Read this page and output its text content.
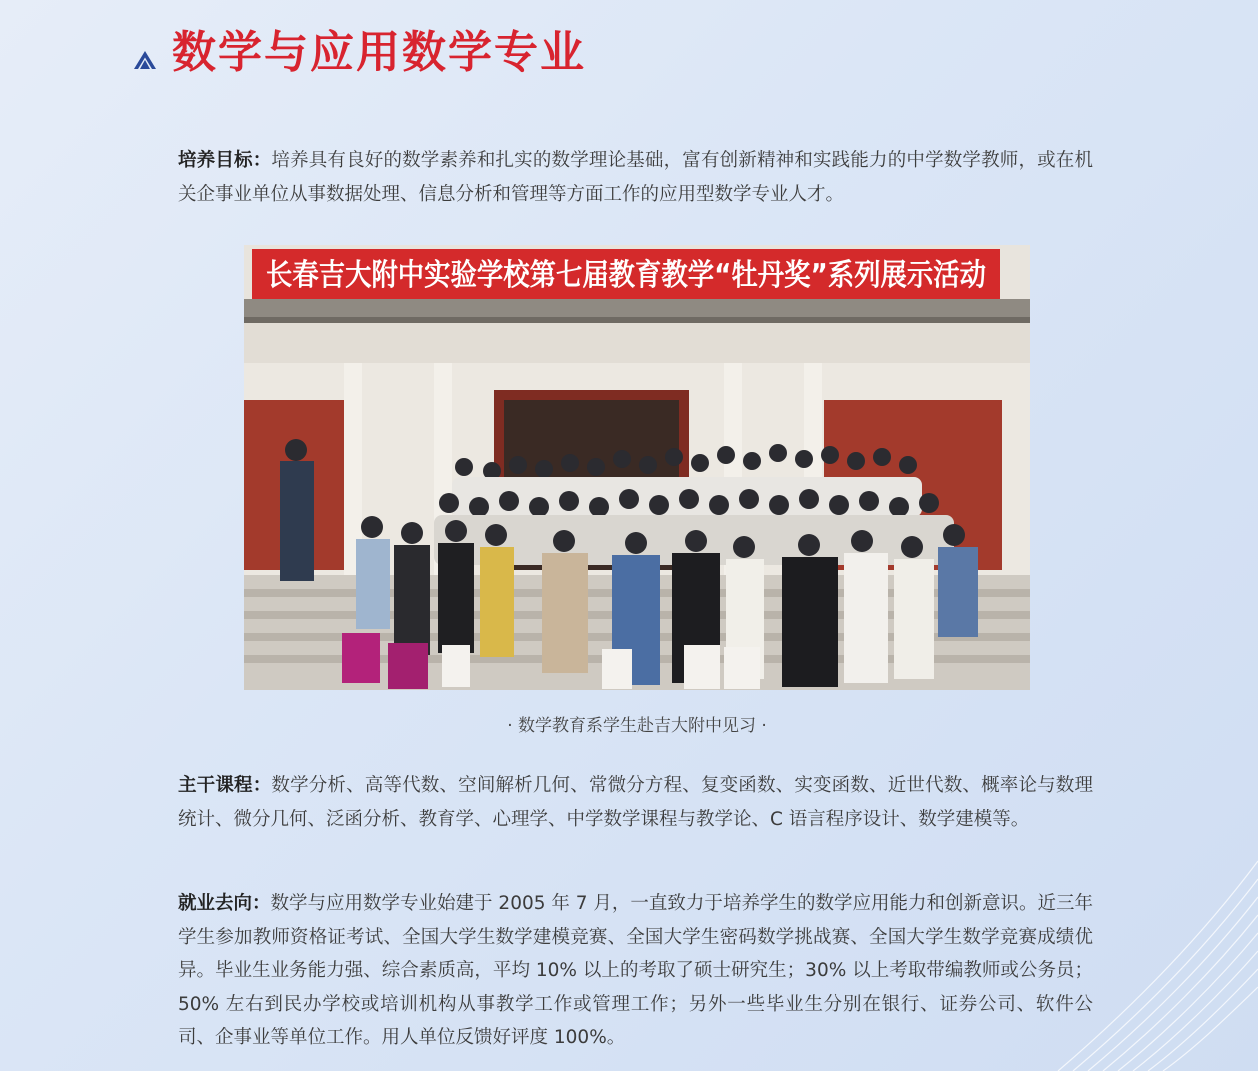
数学与应用数学专业

培养目标：培养具有良好的数学素养和扎实的数学理论基础，富有创新精神和实践能力的中学数学教师，或在机关企事业单位从事数据处理、信息分析和管理等方面工作的应用型数学专业人才。

长春吉大附中实验学校第七届教育教学“牡丹奖”系列展示活动
· 数学教育系学生赴吉大附中见习 ·

主干课程：数学分析、高等代数、空间解析几何、常微分方程、复变函数、实变函数、近世代数、概率论与数理统计、微分几何、泛函分析、教育学、心理学、中学数学课程与教学论、C 语言程序设计、数学建模等。

就业去向：数学与应用数学专业始建于 2005 年 7 月，一直致力于培养学生的数学应用能力和创新意识。近三年学生参加教师资格证考试、全国大学生数学建模竞赛、全国大学生密码数学挑战赛、全国大学生数学竞赛成绩优异。毕业生业务能力强、综合素质高，平均 10% 以上的考取了硕士研究生；30% 以上考取带编教师或公务员；50% 左右到民办学校或培训机构从事教学工作或管理工作；另外一些毕业生分别在银行、证券公司、软件公司、企事业等单位工作。用人单位反馈好评度 100%。
